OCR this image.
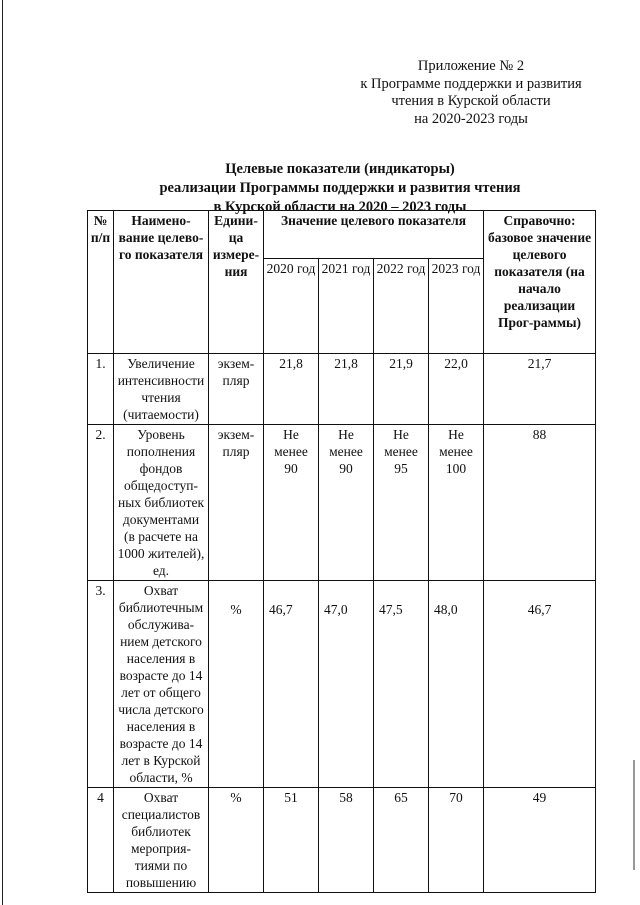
Приложение № 2
к Программе поддержки и развития
чтения в Курской области
на 2020-2023 годы
Целевые показатели (индикаторы)
реализации Программы поддержки и развития чтения
в Курской области на 2020 – 2023 годы
№ п/п	Наимено-вание целево-го показателя	Едини-ца измере-ния	Значение целевого показателя				Справочно: базовое значение целевого показателя (на начало реализации Прог-раммы)
			2020 год	2021 год	2022 год	2023 год	
1.	Увеличение интенсивности чтения (читаемости)	экзем-пляр	21,8	21,8	21,9	22,0	21,7
2.	Уровень пополнения фондов общедоступ-ных библиотек документами (в расчете на 1000 жителей), ед.	экзем-пляр	Не менее 90	Не менее 90	Не менее 95	Не менее 100	88
3.	Охват библиотечным обслужива-нием детского населения в возрасте до 14 лет от общего числа детского населения в возрасте до 14 лет в Курской области, %	%	46,7	47,0	47,5	48,0	46,7
4	Охват специалистов библиотек мероприя-тиями по повышению	%	51	58	65	70	49
